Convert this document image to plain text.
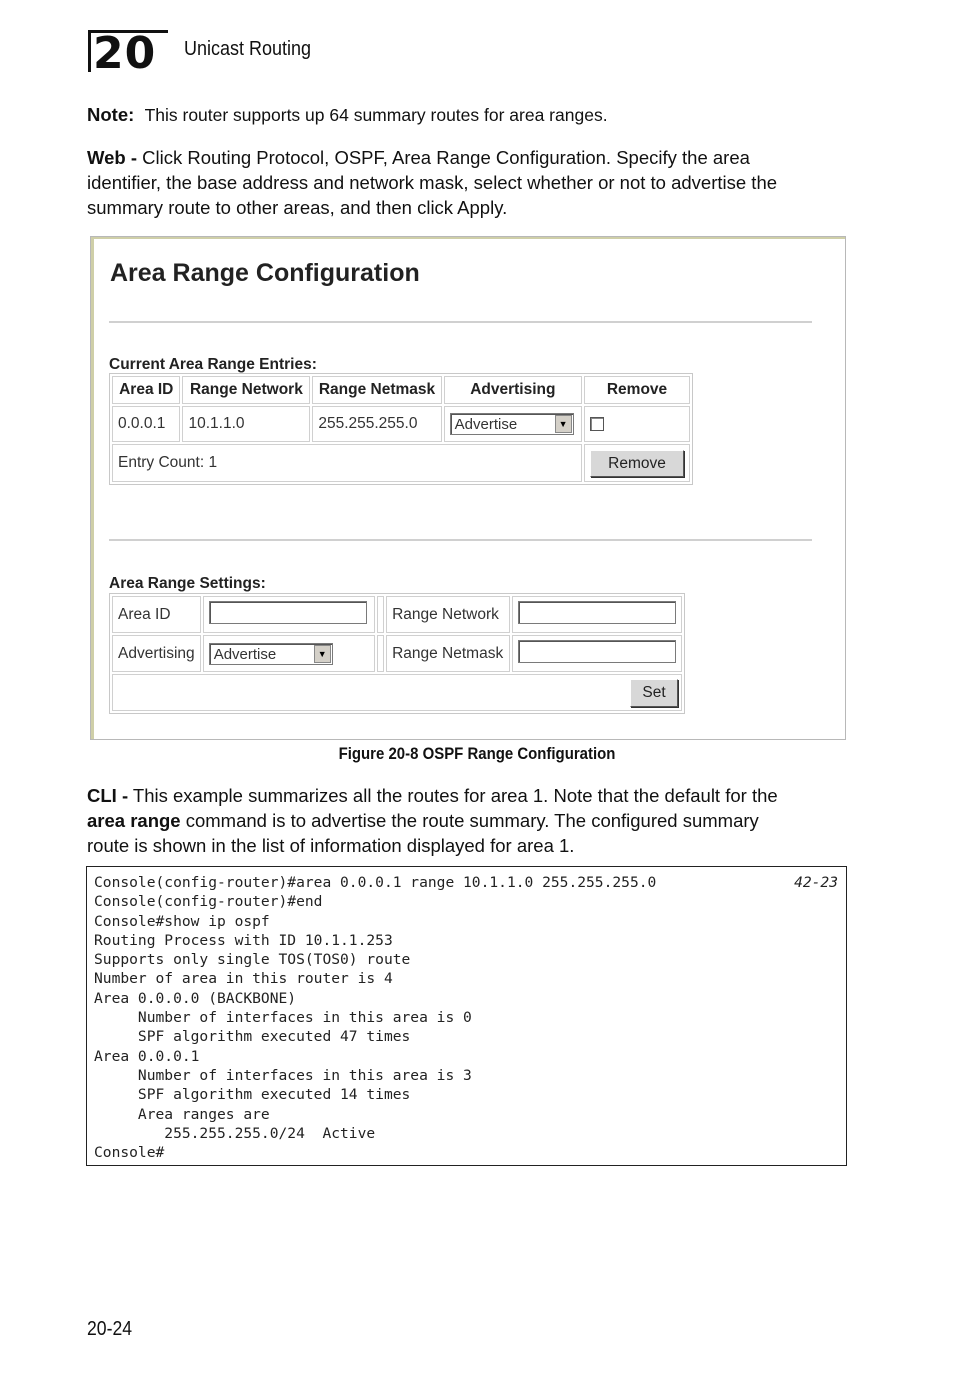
20	Unicast Routing
Note: This router supports up 64 summary routes for area ranges.
Web - Click Routing Protocol, OSPF, Area Range Configuration. Specify the area
identifier, the base address and network mask, select whether or not to advertise the
summary route to other areas, and then click Apply.
Area Range Configuration
Current Area Range Entries:
Area ID	Range Network	Range Netmask	Advertising	Remove
0.0.0.1	10.1.1.0	255.255.255.0	Advertise ▼	

Entry Count: 1				Remove
Area Range Settings:
Area ID			Range Network	
Advertising	Advertise ▼		Range Netmask	
Set				
Figure 20-8 OSPF Range Configuration
CLI - This example summarizes all the routes for area 1. Note that the default for the
area range command is to advertise the route summary. The configured summary
route is shown in the list of information displayed for area 1.
Console(config-router)#area 0.0.0.1 range 10.1.1.0 255.255.255.0
Console(config-router)#end
Console#show ip ospf
Routing Process with ID 10.1.1.253
Supports only single TOS(TOS0) route
Number of area in this router is 4
Area 0.0.0.0 (BACKBONE)
Number of interfaces in this area is 0
SPF algorithm executed 47 times
Area 0.0.0.1
Number of interfaces in this area is 3
SPF algorithm executed 14 times
Area ranges are
255.255.255.0/24  Active
Console#
42-23
20-24
